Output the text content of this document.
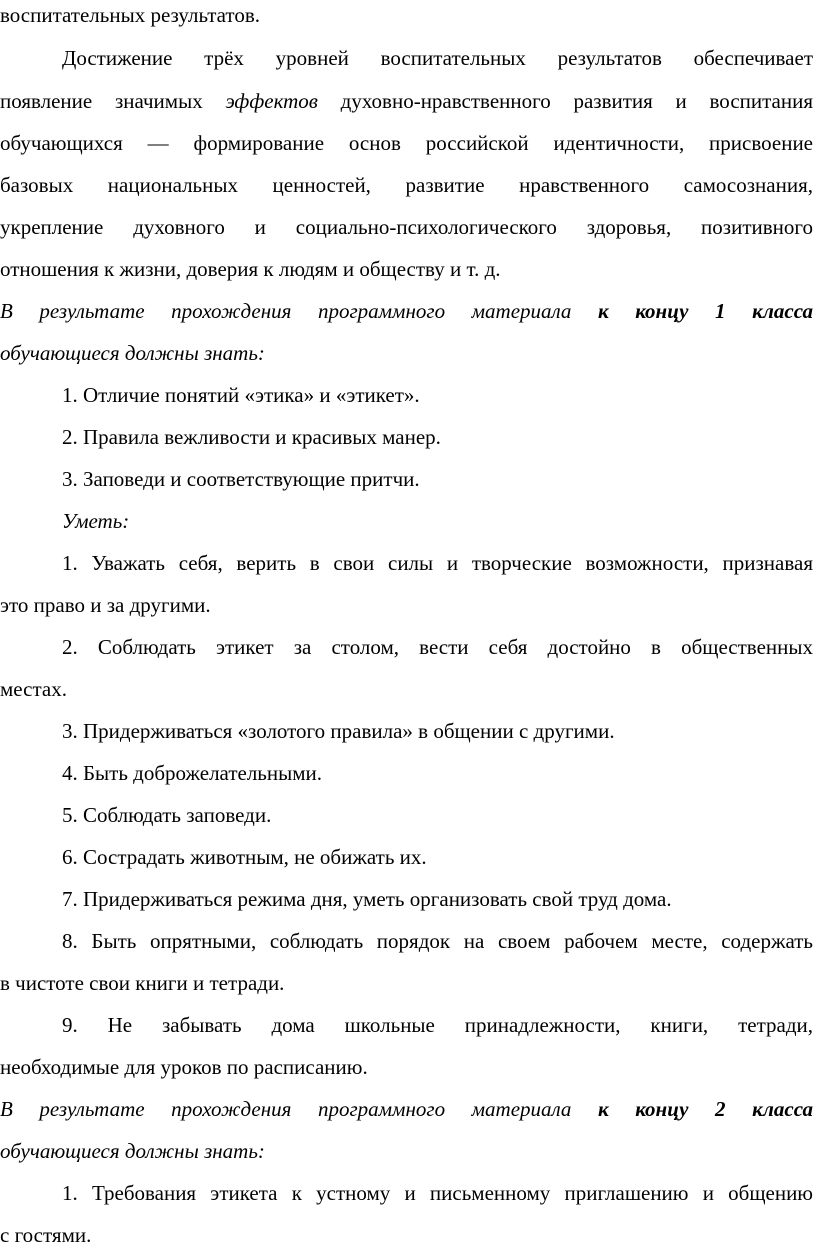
воспитательных результатов.
Достижение трёх уровней воспитательных результатов обеспечивает
появление значимых эффектов духовно-нравственного развития и воспитания
обучающихся — формирование основ российской идентичности, присвоение
базовых национальных ценностей, развитие нравственного самосознания,
укрепление духовного и социально-психологического здоровья, позитивного
отношения к жизни, доверия к людям и обществу и т. д.
В результате прохождения программного материала к концу 1 класса
обучающиеся должны знать:
1. Отличие понятий «этика» и «этикет».
2. Правила вежливости и красивых манер.
3. Заповеди и соответствующие притчи.
Уметь:
1. Уважать себя, верить в свои силы и творческие возможности, признавая
это право и за другими.
2. Соблюдать этикет за столом, вести себя достойно в общественных
местах.
3. Придерживаться «золотого правила» в общении с другими.
4. Быть доброжелательными.
5. Соблюдать заповеди.
6. Сострадать животным, не обижать их.
7. Придерживаться режима дня, уметь организовать свой труд дома.
8. Быть опрятными, соблюдать порядок на своем рабочем месте, содержать
в чистоте свои книги и тетради.
9. Не забывать дома школьные принадлежности, книги, тетради,
необходимые для уроков по расписанию.
В результате прохождения программного материала к концу 2 класса
обучающиеся должны знать:
1. Требования этикета к устному и письменному приглашению и общению
с гостями.
